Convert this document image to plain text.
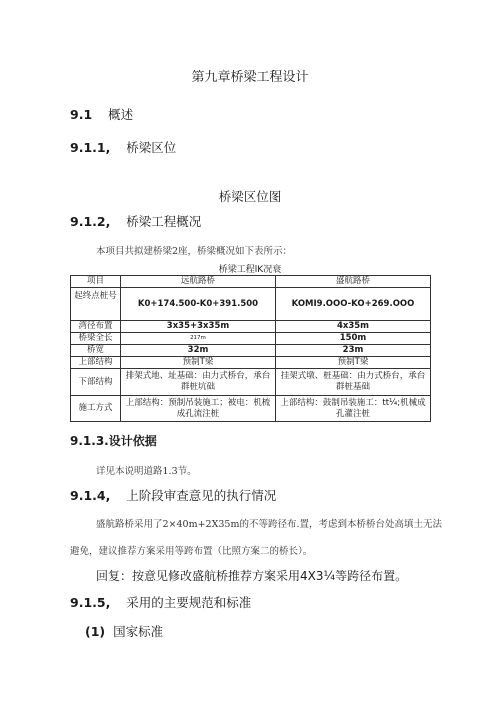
第九章桥梁工程设计
9.1 概述
9.1.1, 桥梁区位
桥梁区位图
9.1.2, 桥梁工程概况
本项目共拟建桥梁2座，桥梁概况如下表所示：
桥梁工程lK况衰
项目	远航路桥	盛航路桥
起终点桩号	K0+174.500-K0+391.500	KOMI9.OOO-KO+269.OOO
湾径布置	3x35+3x35m	4x35m
桥梁全长	217m	150m
桥宽	32m	23m
上部结构	预制T梁	预制T梁
下部结构	排架式地、址基础：由力式桥台，承台群桩坑础	挂架式墩、桩基础：由力式桥台，承台群桩基础

施工方式	上部结构：预制吊装施工；被电：机梳成孔流注桩	上部结构：鼓制吊装施工：tt¼;机械成孔灌注桩
9.1.3.设计依据
详见本说明道路1.3节。
9.1.4, 上阶段审查意见的执行情况
盛航路桥采用了2×40m+2X35m的不等跨径布.置，考虑到本桥桥台处高填土无法
避免，建议推荐方案采用等跨布置（比照方案二的桥长）。
回复：按意见修改盛航桥推荐方案采用4X3¼等跨径布置。
9.1.5, 采用的主要规范和标准
(1) 国家标准
